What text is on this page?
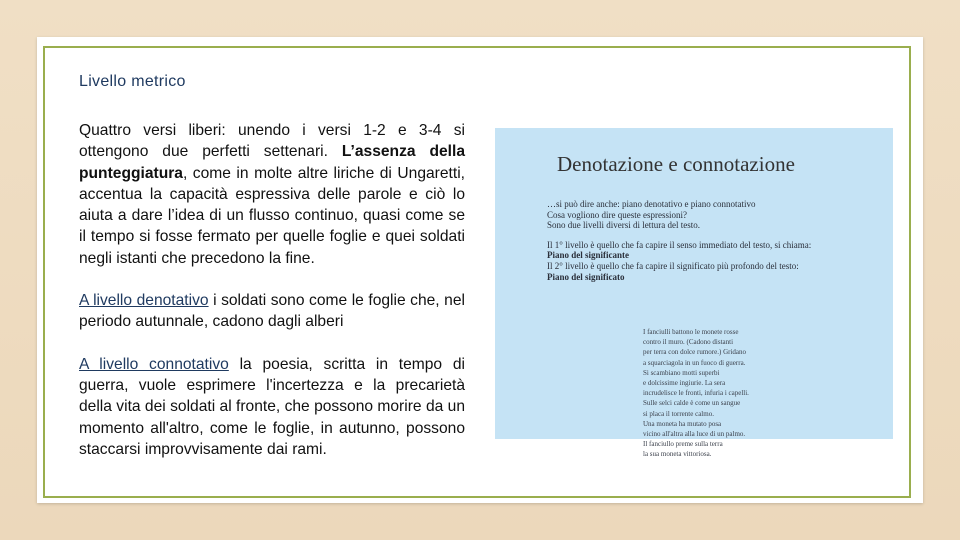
Livello metrico

Quattro versi liberi: unendo i versi 1-2 e 3-4 si ottengono due perfetti settenari. L’assenza della punteggiatura, come in molte altre liriche di Ungaretti, accentua la capacità espressiva delle parole e ciò lo aiuta a dare l’idea di un flusso continuo, quasi come se il tempo si fosse fermato per quelle foglie e quei soldati negli istanti che precedono la fine.

A livello denotativo i soldati sono come le foglie che, nel periodo autunnale, cadono dagli alberi

A livello connotativo la poesia, scritta in tempo di guerra, vuole esprimere l'incertezza e la precarietà della vita dei soldati al fronte, che possono morire da un momento all'altro, come le foglie, in autunno, possono staccarsi improvvisamente dai rami.

Denotazione e connotazione
…si può dire anche: piano denotativo e piano connotativo
Cosa vogliono dire queste espressioni?
Sono due livelli diversi di lettura del testo.
Il 1° livello è quello che fa capire il senso immediato del testo, si chiama:
Piano del significante
Il 2° livello è quello che fa capire il significato più profondo del testo:
Piano del significato
I fanciulli battono le monete rosse
contro il muro. (Cadono distanti
per terra con dolce rumore.) Gridano
a squarciagola in un fuoco di guerra.
Si scambiano motti superbi
e dolcissime ingiurie. La sera
incrudelisce le fronti, infuria i capelli.
Sulle selci calde è come un sangue
si placa il torrente calmo.
Una moneta ha mutato posa
vicino all'altra alla luce di un palmo.
Il fanciullo preme sulla terra
la sua moneta vittoriosa.
